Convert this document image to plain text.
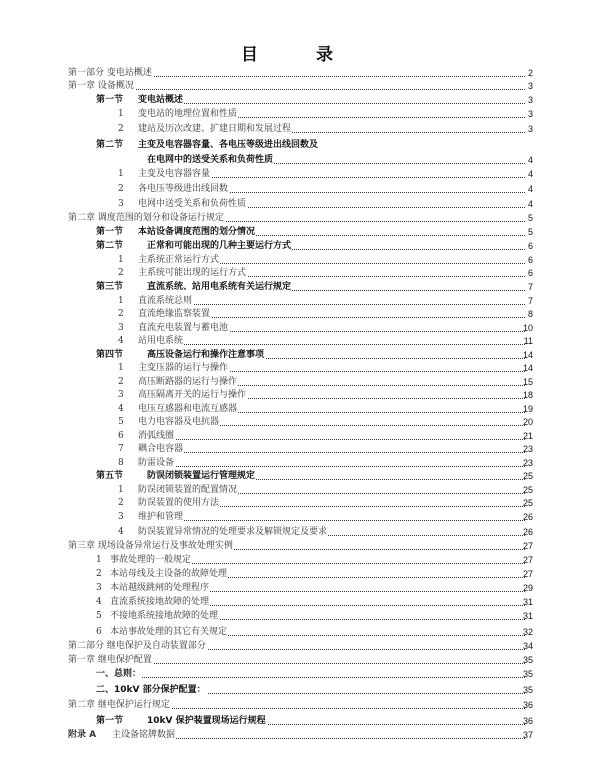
目 录
第一部分 变电站概述	2
第一章 设备概况	3
第一节 变电站概述	3
1 变电站的地理位置和性质	3
2 建站及历次改建、扩建日期和发展过程	3
第二节 主变及电容器容量、各电压等级进出线回数及
在电网中的送受关系和负荷性质	4
1 主变及电容器容量	4
2 各电压等级进出线回数	4
3 电网中送受关系和负荷性质	4
第二章 调度范围的划分和设备运行规定	5
第一节 本站设备调度范围的划分情况	5
第二节	正常和可能出现的几种主要运行方式	6
1 主系统正常运行方式	6
2 主系统可能出现的运行方式	6
第三节	直流系统、站用电系统有关运行规定	7
1 直流系统总则	7
2 直流绝缘监察装置	8
3 直流充电装置与蓄电池	10
4 站用电系统	11
第四节	高压设备运行和操作注意事项	14
1 主变压器的运行与操作	14
2 高压断路器的运行与操作	15
3 高压隔离开关的运行与操作	18
4 电压互感器和电流互感器	19
5 电力电容器及电抗器	20
6 消弧线圈	21
7 耦合电容器	23
8 防雷设备	23
第五节	防误闭锁装置运行管理规定	25
1 防误闭锁装置的配置情况	25
2 防误装置的使用方法	25
3 维护和管理	26
4 防误装置异常情况的处理要求及解锁规定及要求	26
第三章 现场设备异常运行及事故处理实例	27
1 事故处理的一般规定	27
2 本站母线及主设备的故障处理	27
3 本站越级跳闸的处理程序	29
4 直流系统接地故障的处理	31
5 不接地系统接地故障的处理	31
6 本站事故处理的其它有关规定	32
第二部分 继电保护及自动装置部分	34
第一章 继电保护配置	35
一、总则：	35
二、10kV 部分保护配置：	35
第二章 继电保护运行规定	36
第一节	10kV 保护装置现场运行规程	36
附录 A 主设备铭牌数据	37
